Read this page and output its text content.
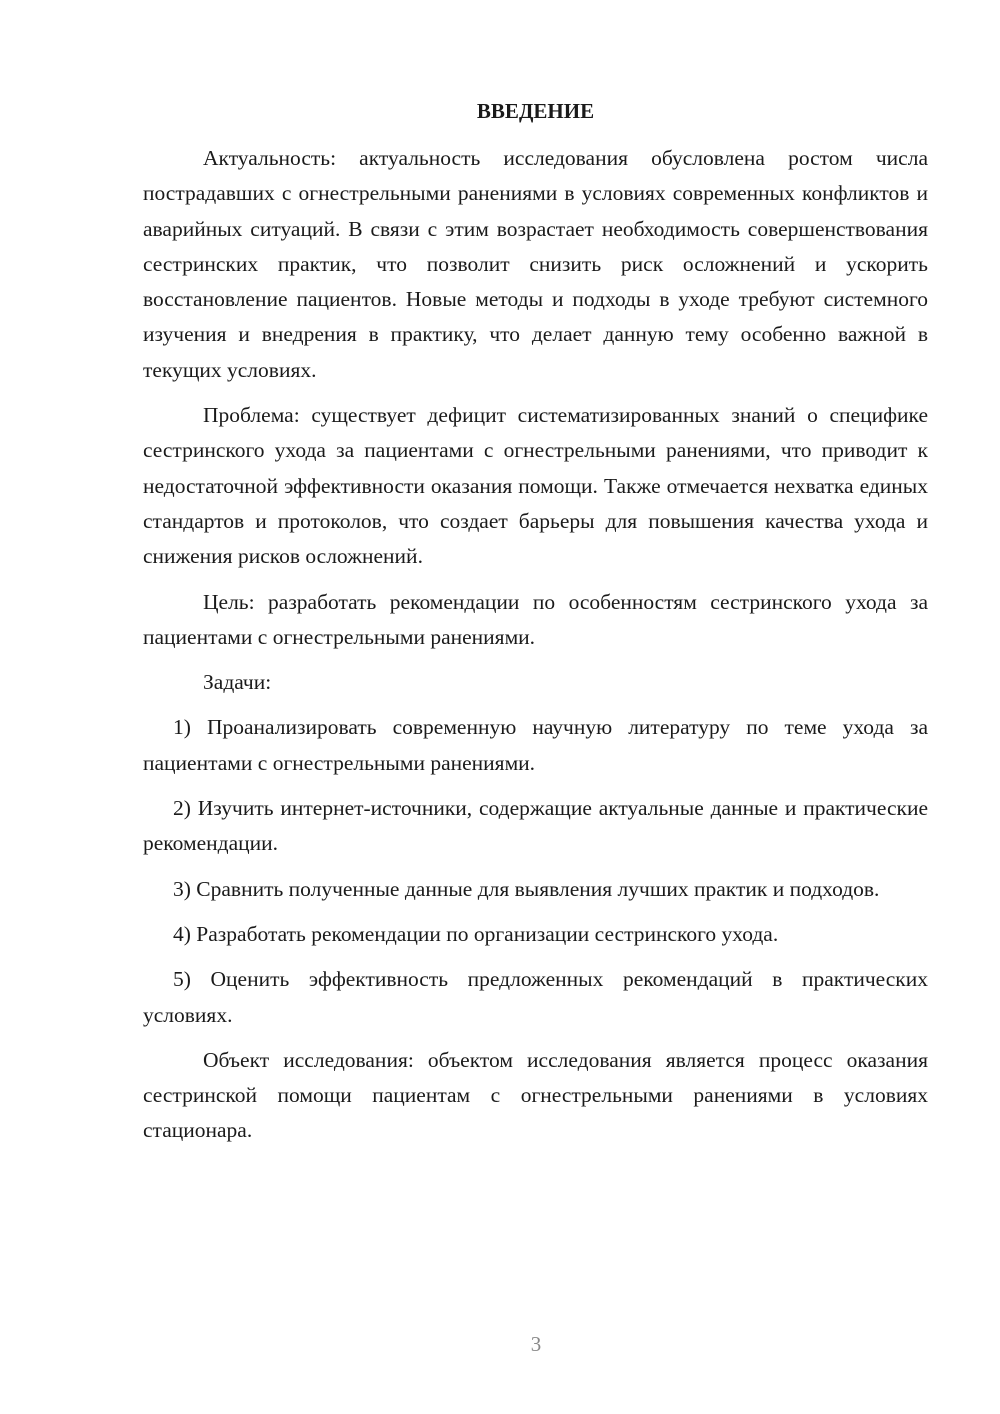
ВВЕДЕНИЕ

Актуальность: актуальность исследования обусловлена ростом числа пострадавших с огнестрельными ранениями в условиях современных конфликтов и аварийных ситуаций. В связи с этим возрастает необходимость совершенствования сестринских практик, что позволит снизить риск осложнений и ускорить восстановление пациентов. Новые методы и подходы в уходе требуют системного изучения и внедрения в практику, что делает данную тему особенно важной в текущих условиях.

Проблема: существует дефицит систематизированных знаний о специфике сестринского ухода за пациентами с огнестрельными ранениями, что приводит к недостаточной эффективности оказания помощи. Также отмечается нехватка единых стандартов и протоколов, что создает барьеры для повышения качества ухода и снижения рисков осложнений.

Цель: разработать рекомендации по особенностям сестринского ухода за пациентами с огнестрельными ранениями.

Задачи:

1) Проанализировать современную научную литературу по теме ухода за пациентами с огнестрельными ранениями.

2) Изучить интернет-источники, содержащие актуальные данные и практические рекомендации.

3) Сравнить полученные данные для выявления лучших практик и подходов.

4) Разработать рекомендации по организации сестринского ухода.

5) Оценить эффективность предложенных рекомендаций в практических условиях.

Объект исследования: объектом исследования является процесс оказания сестринской помощи пациентам с огнестрельными ранениями в условиях стационара.

3
